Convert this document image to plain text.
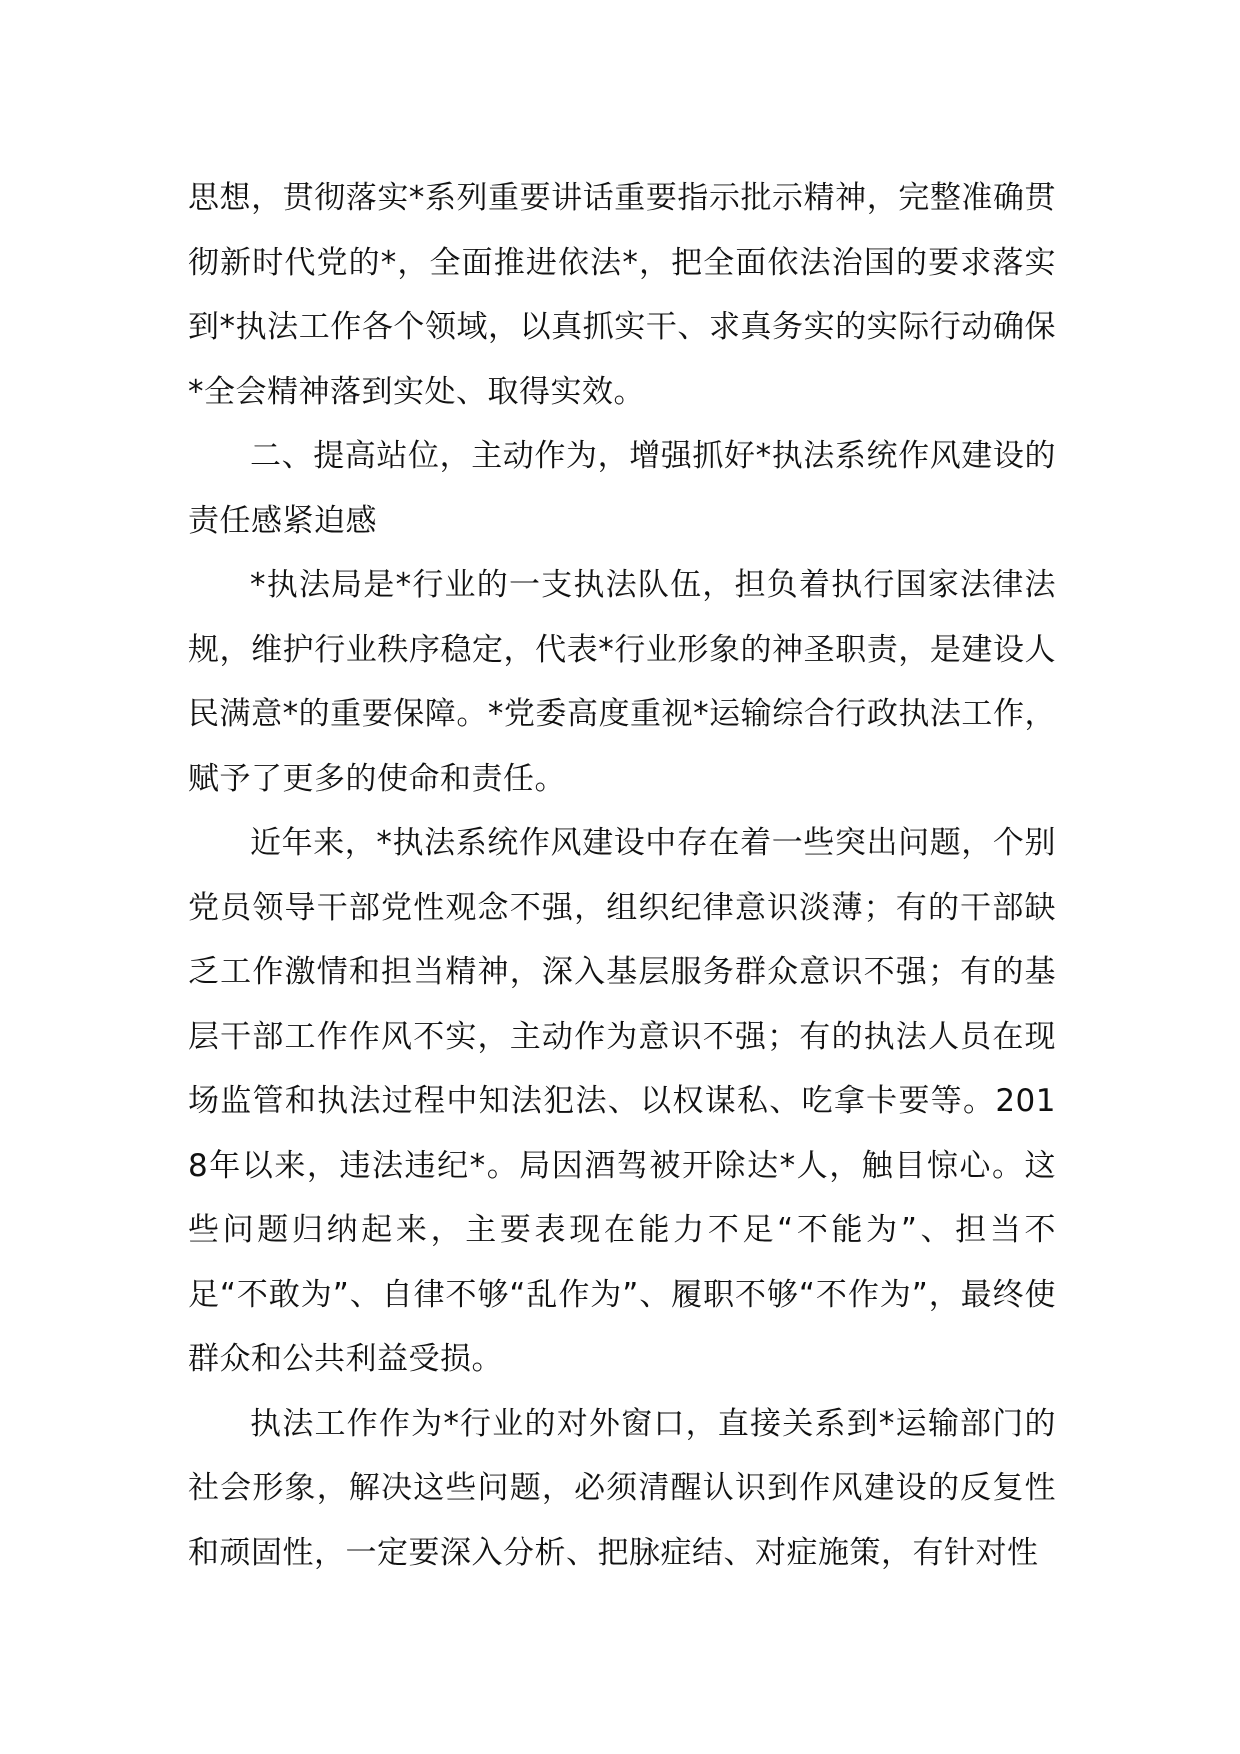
思想，贯彻落实*系列重要讲话重要指示批示精神，完整准确贯彻新时代党的*，全面推进依法*，把全面依法治国的要求落实到*执法工作各个领域，以真抓实干、求真务实的实际行动确保*全会精神落到实处、取得实效。

二、提高站位，主动作为，增强抓好*执法系统作风建设的责任感紧迫感

*执法局是*行业的一支执法队伍，担负着执行国家法律法规，维护行业秩序稳定，代表*行业形象的神圣职责，是建设人民满意*的重要保障。*党委高度重视*运输综合行政执法工作，赋予了更多的使命和责任。

近年来，*执法系统作风建设中存在着一些突出问题，个别党员领导干部党性观念不强，组织纪律意识淡薄；有的干部缺乏工作激情和担当精神，深入基层服务群众意识不强；有的基层干部工作作风不实，主动作为意识不强；有的执法人员在现场监管和执法过程中知法犯法、以权谋私、吃拿卡要等。2018年以来，违法违纪*。局因酒驾被开除达*人，触目惊心。这些问题归纳起来，主要表现在能力不足“不能为”、担当不足“不敢为”、自律不够“乱作为”、履职不够“不作为”，最终使群众和公共利益受损。

执法工作作为*行业的对外窗口，直接关系到*运输部门的社会形象，解决这些问题，必须清醒认识到作风建设的反复性和顽固性，一定要深入分析、把脉症结、对症施策，有针对性
